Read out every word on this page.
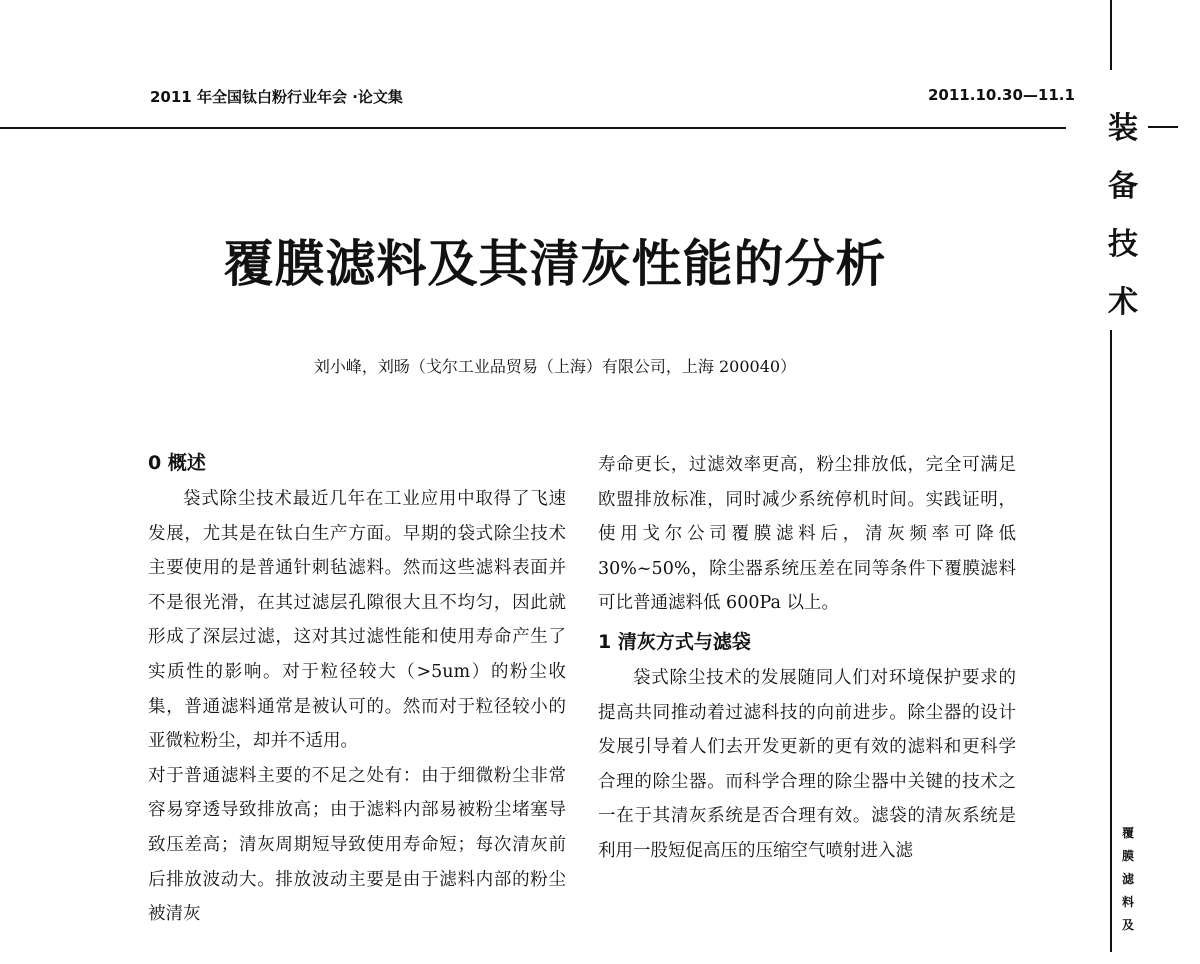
2011 年全国钛白粉行业年会 ·论文集	2011.10.30—11.1
装
备
技
术
覆
膜
滤
料
及
覆膜滤料及其清灰性能的分析
刘小峰，刘旸（戈尔工业品贸易（上海）有限公司，上海 200040）

0 概述

袋式除尘技术最近几年在工业应用中取得了飞速发展，尤其是在钛白生产方面。早期的袋式除尘技术主要使用的是普通针刺毡滤料。然而这些滤料表面并不是很光滑，在其过滤层孔隙很大且不均匀，因此就形成了深层过滤，这对其过滤性能和使用寿命产生了实质性的影响。对于粒径较大（>5um）的粉尘收集，普通滤料通常是被认可的。然而对于粒径较小的亚微粒粉尘，却并不适用。

对于普通滤料主要的不足之处有：由于细微粉尘非常容易穿透导致排放高；由于滤料内部易被粉尘堵塞导致压差高；清灰周期短导致使用寿命短；每次清灰前后排放波动大。排放波动主要是由于滤料内部的粉尘被清灰

寿命更长，过滤效率更高，粉尘排放低，完全可满足欧盟排放标准，同时减少系统停机时间。实践证明，使用戈尔公司覆膜滤料后，清灰频率可降低 30%~50%，除尘器系统压差在同等条件下覆膜滤料可比普通滤料低 600Pa 以上。

1 清灰方式与滤袋

袋式除尘技术的发展随同人们对环境保护要求的提高共同推动着过滤科技的向前进步。除尘器的设计发展引导着人们去开发更新的更有效的滤料和更科学合理的除尘器。而科学合理的除尘器中关键的技术之一在于其清灰系统是否合理有效。滤袋的清灰系统是利用一股短促高压的压缩空气喷射进入滤
